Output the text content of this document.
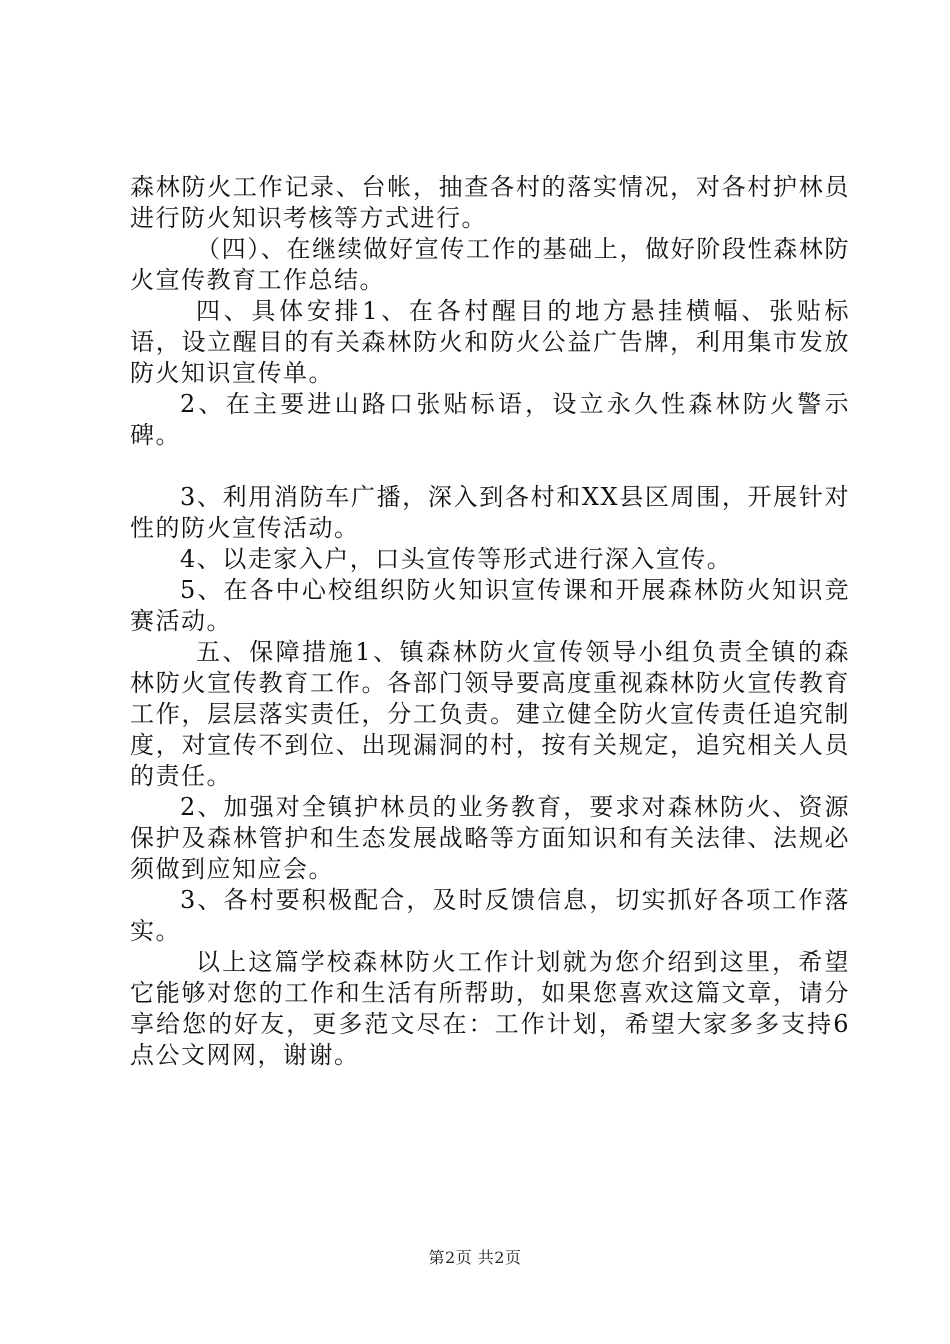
森林防火工作记录、台帐，抽查各村的落实情况，对各村护林员进行防火知识考核等方式进行。

（四）、在继续做好宣传工作的基础上，做好阶段性森林防火宣传教育工作总结。

四、具体安排1、在各村醒目的地方悬挂横幅、张贴标语，设立醒目的有关森林防火和防火公益广告牌，利用集市发放防火知识宣传单。

2、在主要进山路口张贴标语，设立永久性森林防火警示碑。

3、利用消防车广播，深入到各村和XX县区周围，开展针对性的防火宣传活动。

4、以走家入户，口头宣传等形式进行深入宣传。

5、在各中心校组织防火知识宣传课和开展森林防火知识竞赛活动。

五、保障措施1、镇森林防火宣传领导小组负责全镇的森林防火宣传教育工作。各部门领导要高度重视森林防火宣传教育工作，层层落实责任，分工负责。建立健全防火宣传责任追究制度，对宣传不到位、出现漏洞的村，按有关规定，追究相关人员的责任。

2、加强对全镇护林员的业务教育，要求对森林防火、资源保护及森林管护和生态发展战略等方面知识和有关法律、法规必须做到应知应会。

3、各村要积极配合，及时反馈信息，切实抓好各项工作落实。

以上这篇学校森林防火工作计划就为您介绍到这里，希望它能够对您的工作和生活有所帮助，如果您喜欢这篇文章，请分享给您的好友，更多范文尽在：工作计划，希望大家多多支持6点公文网网，谢谢。

第2页 共2页
